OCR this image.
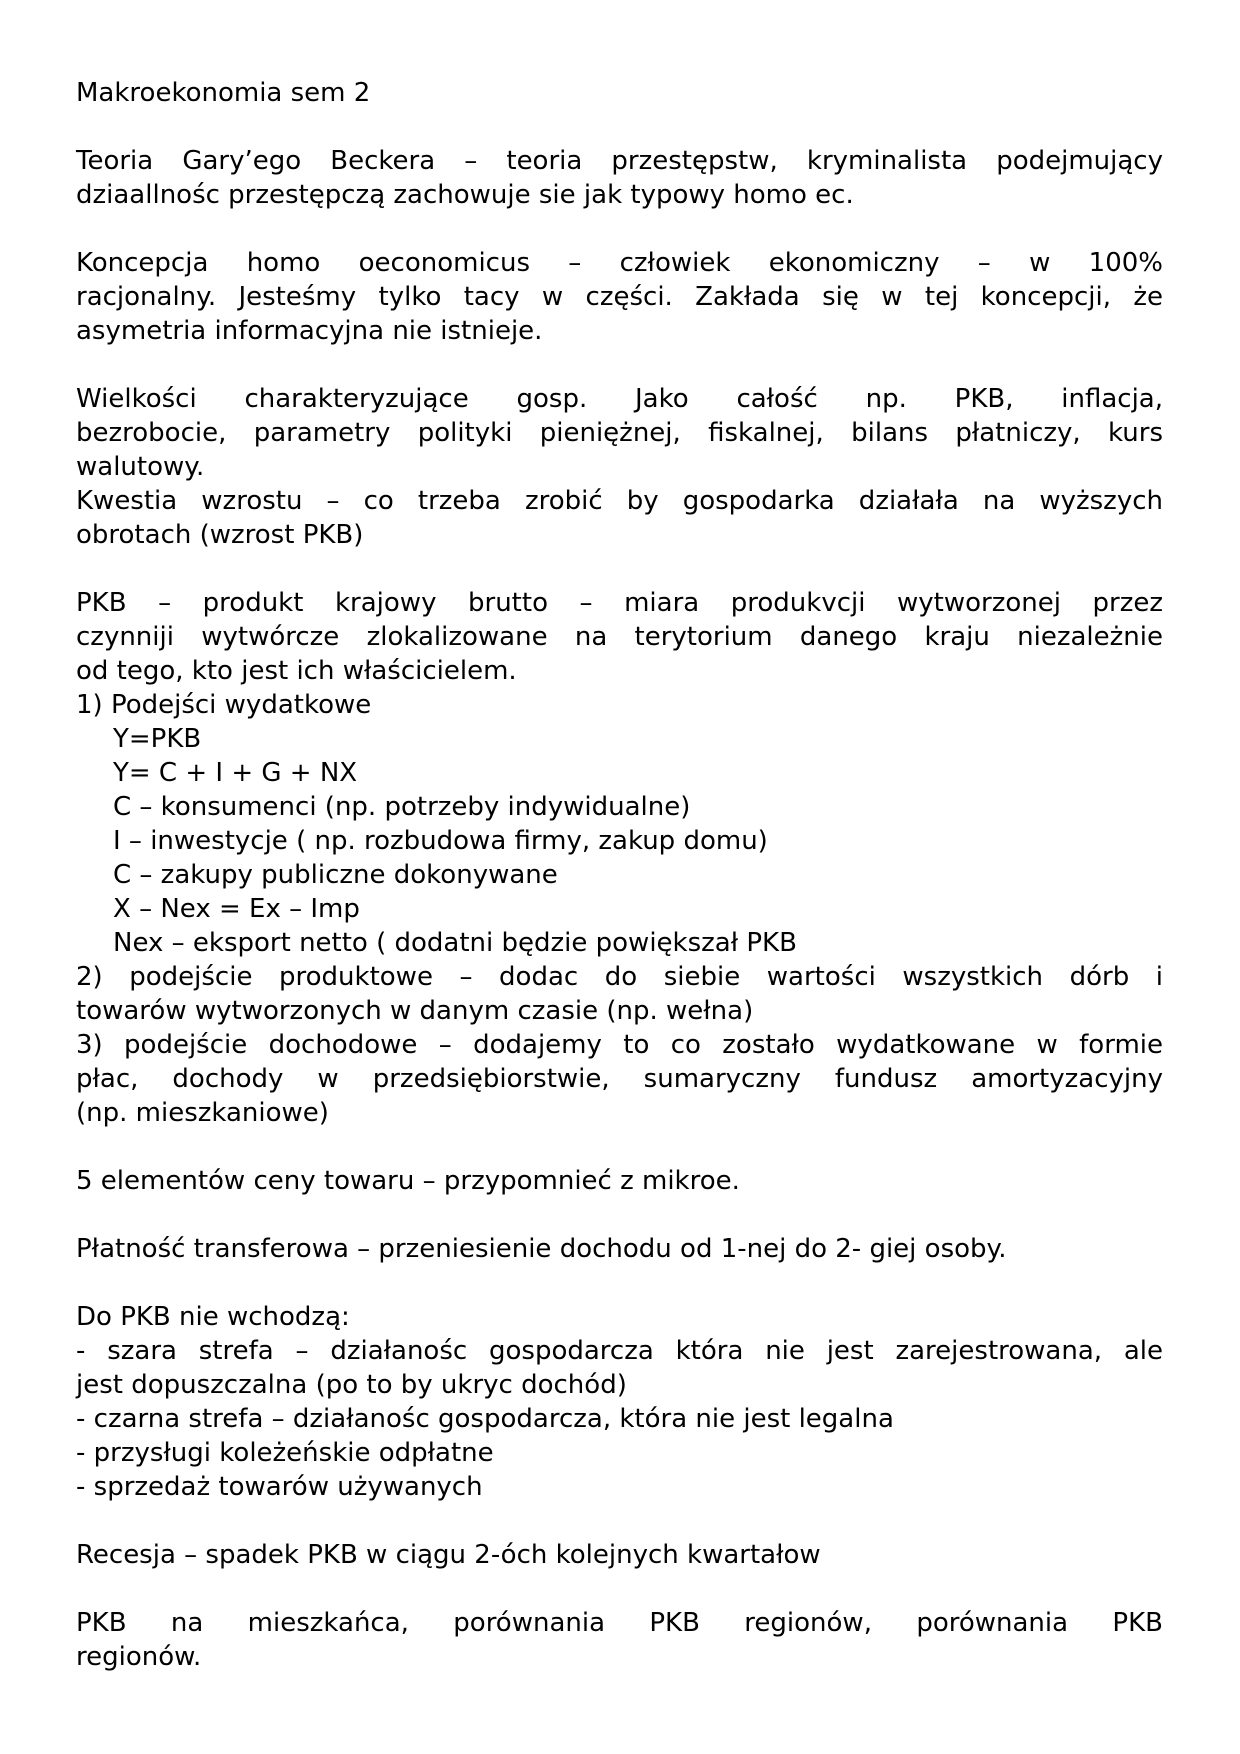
Makroekonomia sem 2

Teoria Gary’ego Beckera – teoria przestępstw, kryminalista podejmujący
dziaallnośc przestępczą zachowuje sie jak typowy homo ec.

Koncepcja homo oeconomicus – człowiek ekonomiczny – w 100%
racjonalny. Jesteśmy tylko tacy w części. Zakłada się w tej koncepcji, że
asymetria informacyjna nie istnieje.

Wielkości charakteryzujące gosp. Jako całość np. PKB, inflacja,
bezrobocie, parametry polityki pieniężnej, fiskalnej, bilans płatniczy, kurs
walutowy.

Kwestia wzrostu – co trzeba zrobić by gospodarka działała na wyższych
obrotach (wzrost PKB)

PKB – produkt krajowy brutto – miara produkvcji wytworzonej przez
czynniji wytwórcze zlokalizowane na terytorium danego kraju niezależnie
od tego, kto jest ich właścicielem.

1) Podejści wydatkowe
Y=PKB
Y= C + I + G + NX
C – konsumenci (np. potrzeby indywidualne)
I – inwestycje ( np. rozbudowa firmy, zakup domu)
C – zakupy publiczne dokonywane
X – Nex = Ex – Imp
Nex – eksport netto ( dodatni będzie powiększał PKB

2) podejście produktowe – dodac do siebie wartości wszystkich dórb i
towarów wytworzonych w danym czasie (np. wełna)

3) podejście dochodowe – dodajemy to co zostało wydatkowane w formie
płac, dochody w przedsiębiorstwie, sumaryczny fundusz amortyzacyjny
(np. mieszkaniowe)

5 elementów ceny towaru – przypomnieć z mikroe.

Płatność transferowa – przeniesienie dochodu od 1-nej do 2- giej osoby.

Do PKB nie wchodzą:
- szara strefa – działanośc gospodarcza która nie jest zarejestrowana, ale
jest dopuszczalna (po to by ukryc dochód)
- czarna strefa – działanośc gospodarcza, która nie jest legalna
- przysługi koleżeńskie odpłatne
- sprzedaż towarów używanych

Recesja – spadek PKB w ciągu 2-óch kolejnych kwartałow

PKB na mieszkańca, porównania PKB regionów, porównania PKB
regionów.
